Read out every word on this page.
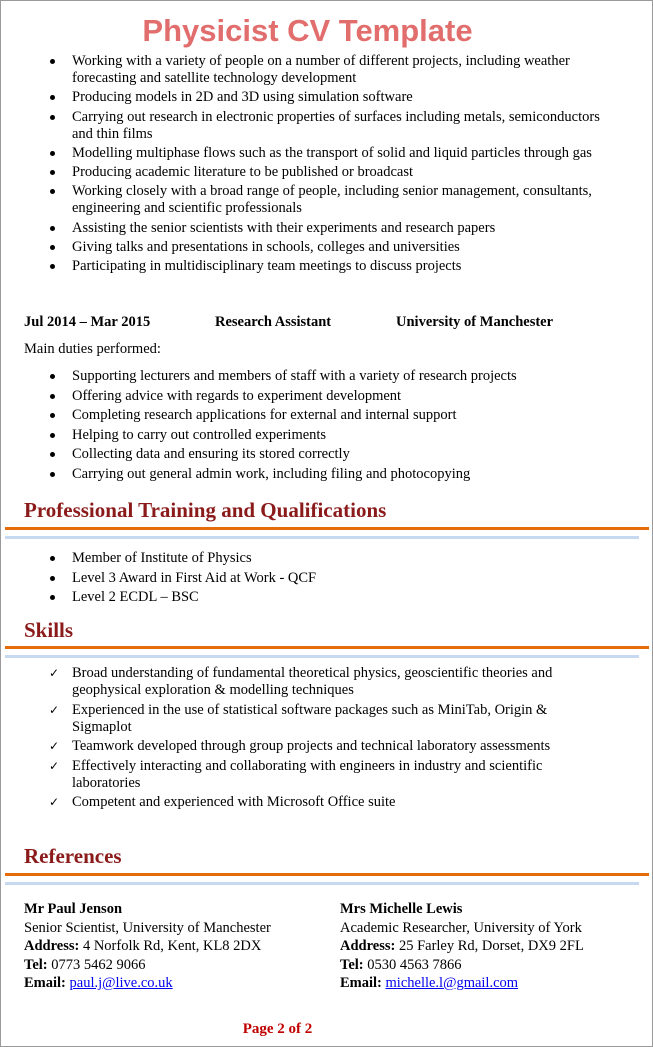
Physicist CV Template
Working with a variety of people on a number of different projects, including weather forecasting and satellite technology development
Producing models in 2D and 3D using simulation software
Carrying out research in electronic properties of surfaces including metals, semiconductors and thin films
Modelling multiphase flows such as the transport of solid and liquid particles through gas
Producing academic literature to be published or broadcast
Working closely with a broad range of people, including senior management, consultants, engineering and scientific professionals
Assisting the senior scientists with their experiments and research papers
Giving talks and presentations in schools, colleges and universities
Participating in multidisciplinary team meetings to discuss projects
Jul 2014 – Mar 2015	Research Assistant	University of Manchester
Main duties performed:
Supporting lecturers and members of staff with a variety of research projects
Offering advice with regards to experiment development
Completing research applications for external and internal support
Helping to carry out controlled experiments
Collecting data and ensuring its stored correctly
Carrying out general admin work, including filing and photocopying
Professional Training and Qualifications
Member of Institute of Physics
Level 3 Award in First Aid at Work - QCF
Level 2 ECDL – BSC
Skills
✓ Broad understanding of fundamental theoretical physics, geoscientific theories and geophysical exploration & modelling techniques
✓ Experienced in the use of statistical software packages such as MiniTab, Origin & Sigmaplot
✓ Teamwork developed through group projects and technical laboratory assessments
✓ Effectively interacting and collaborating with engineers in industry and scientific laboratories
✓ Competent and experienced with Microsoft Office suite
References
Mr Paul Jenson
Senior Scientist, University of Manchester
Address: 4 Norfolk Rd, Kent, KL8 2DX
Tel: 0773 5462 9066
Email: paul.j@live.co.uk
Mrs Michelle Lewis
Academic Researcher, University of York
Address: 25 Farley Rd, Dorset, DX9 2FL
Tel: 0530 4563 7866
Email: michelle.l@gmail.com
Page 2 of 2
